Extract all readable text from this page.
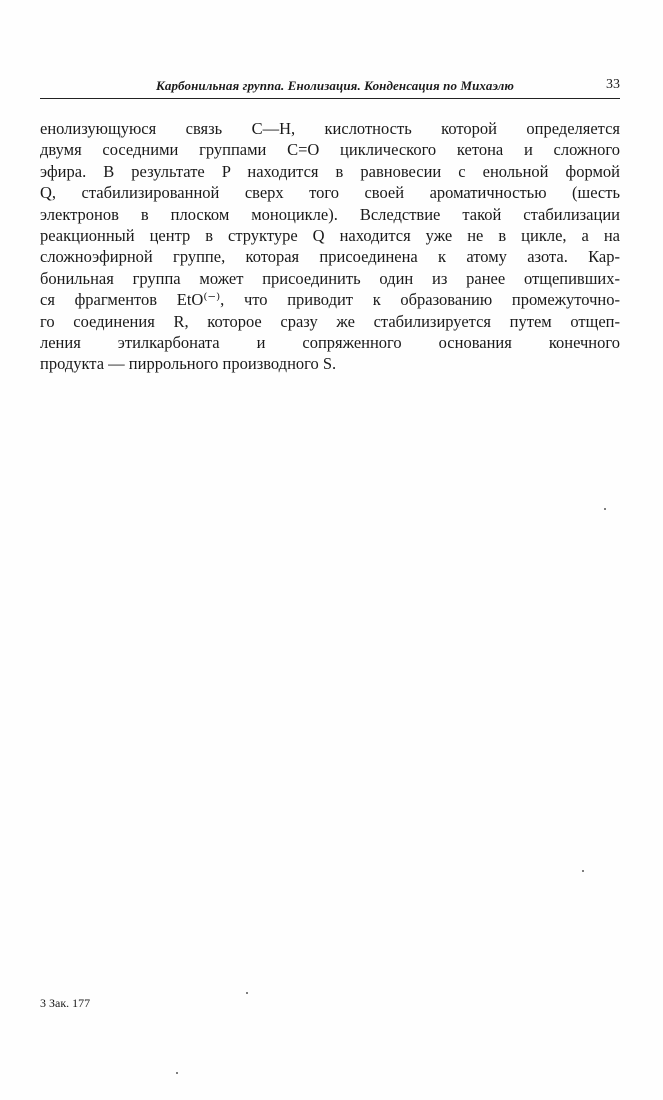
Карбонильная группа. Енолизация. Конденсация по Михаэлю	33
енолизующуюся связь C—H, кислотность которой определяется
двумя соседними группами C=O циклического кетона и сложного
эфира. В результате P находится в равновесии с енольной формой
Q, стабилизированной сверх того своей ароматичностью (шесть
электронов в плоском моноцикле). Вследствие такой стабилизации
реакционный центр в структуре Q находится уже не в цикле, а на
сложноэфирной группе, которая присоединена к атому азота. Кар-
бонильная группа может присоединить один из ранее отщепивших-
ся фрагментов EtO⁽⁻⁾, что приводит к образованию промежуточно-
го соединения R, которое сразу же стабилизируется путем отщеп-
ления этилкарбоната и сопряженного основания конечного
продукта — пиррольного производного S.
3 Зак. 177
